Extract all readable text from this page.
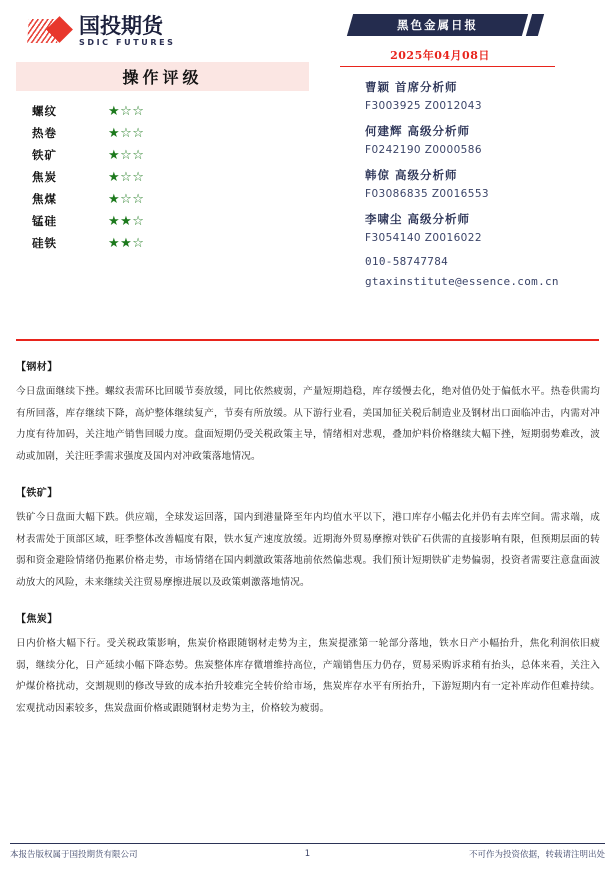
国投期货
SDIC FUTURES
操作评级
螺纹	★☆☆
热卷	★☆☆
铁矿	★☆☆
焦炭	★☆☆
焦煤	★☆☆
锰硅	★★☆
硅铁	★★☆
黑色金属日报
2025年04月08日
曹颖 首席分析师
F3003925 Z0012043
何建辉 高级分析师
F0242190 Z0000586
韩倞 高级分析师
F03086835 Z0016553
李啸尘 高级分析师
F3054140 Z0016022
010-58747784
gtaxinstitute@essence.com.cn
【钢材】
今日盘面继续下挫。螺纹表需环比回暖节奏放缓，同比依然疲弱，产量短期趋稳，库存缓慢去化，绝对值仍处于偏低水平。热卷供需均有所回落，库存继续下降，高炉整体继续复产，节奏有所放缓。从下游行业看，美国加征关税后制造业及钢材出口面临冲击，内需对冲力度有待加码，关注地产销售回暖力度。盘面短期仍受关税政策主导，情绪相对悲观，叠加炉料价格继续大幅下挫，短期弱势难改，波动或加剧，关注旺季需求强度及国内对冲政策落地情况。
【铁矿】
铁矿今日盘面大幅下跌。供应端，全球发运回落，国内到港量降至年内均值水平以下，港口库存小幅去化并仍有去库空间。需求端，成材表需处于顶部区域，旺季整体改善幅度有限，铁水复产速度放缓。近期海外贸易摩擦对铁矿石供需的直接影响有限，但预期层面的转弱和资金避险情绪仍拖累价格走势，市场情绪在国内刺激政策落地前依然偏悲观。我们预计短期铁矿走势偏弱，投资者需要注意盘面波动放大的风险，未来继续关注贸易摩擦进展以及政策刺激落地情况。
【焦炭】
日内价格大幅下行。受关税政策影响，焦炭价格跟随钢材走势为主，焦炭提涨第一轮部分落地，铁水日产小幅抬升，焦化利润依旧疲弱，继续分化，日产延续小幅下降态势。焦炭整体库存微增维持高位，产端销售压力仍存，贸易采购诉求稍有抬头，总体来看，关注入炉煤价格扰动，交割规则的修改导致的成本抬升较难完全转价给市场，焦炭库存水平有所抬升，下游短期内有一定补库动作但难持续。宏观扰动因素较多，焦炭盘面价格或跟随钢材走势为主，价格较为疲弱。
本报告版权属于国投期货有限公司	1	不可作为投资依据，转载请注明出处
